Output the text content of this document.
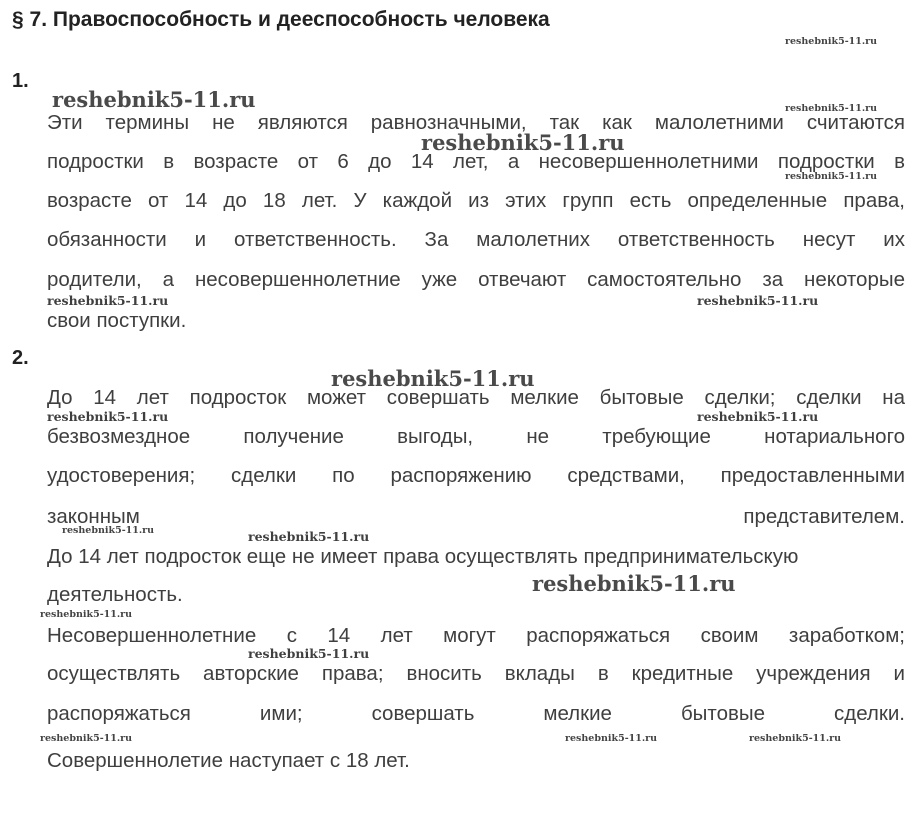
§ 7. Правоспособность и дееспособность человека
1.
Эти термины не являются равнозначными, так как малолетними считаются
подростки в возрасте от 6 до 14 лет, а несовершеннолетними подростки в
возрасте от 14 до 18 лет. У каждой из этих групп есть определенные права,
обязанности и ответственность. За малолетних ответственность несут их
родители, а несовершеннолетние уже отвечают самостоятельно за некоторые
свои поступки.
2.
До 14 лет подросток может совершать мелкие бытовые сделки; сделки на
безвозмездное получение выгоды, не требующие нотариального
удостоверения; сделки по распоряжению средствами, предоставленными
законным представителем.
До 14 лет подросток еще не имеет права осуществлять предпринимательскую
деятельность.
Несовершеннолетние с 14 лет могут распоряжаться своим заработком;
осуществлять авторские права; вносить вклады в кредитные учреждения и
распоряжаться ими; совершать мелкие бытовые сделки.
Совершеннолетие наступает с 18 лет.
reshebnik5-11.ru
reshebnik5-11.ru	reshebnik5-11.ru
reshebnik5-11.ru
reshebnik5-11.ru
reshebnik5-11.ru	reshebnik5-11.ru
reshebnik5-11.ru
reshebnik5-11.ru	reshebnik5-11.ru
reshebnik5-11.ru	reshebnik5-11.ru
reshebnik5-11.ru
reshebnik5-11.ru
reshebnik5-11.ru
reshebnik5-11.ru	reshebnik5-11.ru	reshebnik5-11.ru
